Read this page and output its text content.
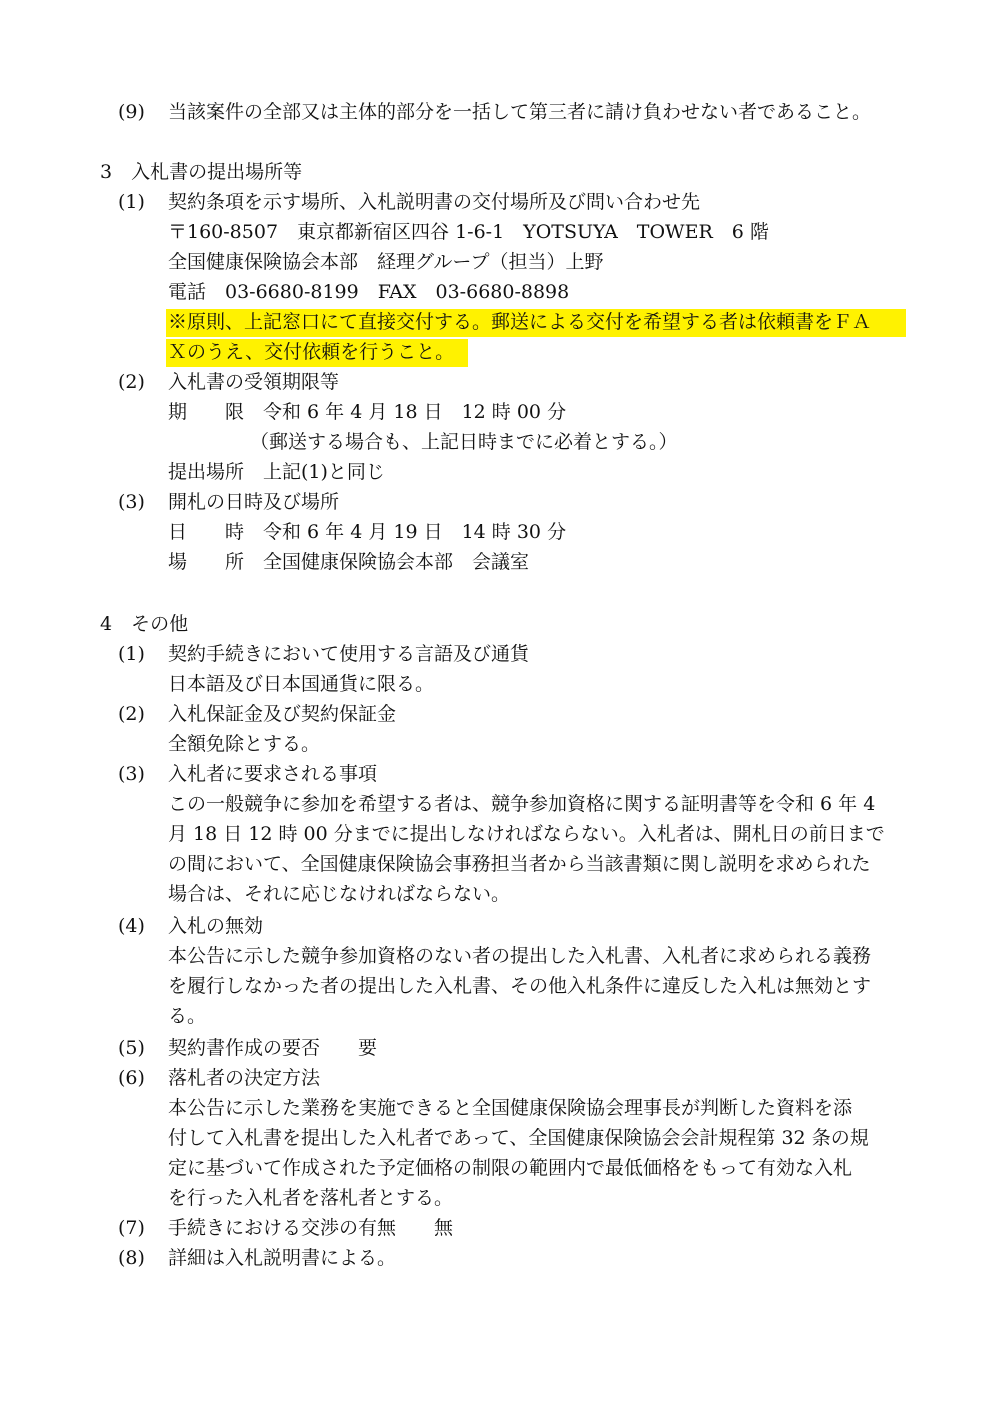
(9) 当該案件の全部又は主体的部分を一括して第三者に請け負わせない者であること。
3　入札書の提出場所等
(1) 契約条項を示す場所、入札説明書の交付場所及び問い合わせ先
〒160-8507　東京都新宿区四谷 1-6-1　YOTSUYA　TOWER　6 階
全国健康保険協会本部　経理グループ（担当）上野
電話　03-6680-8199　FAX　03-6680-8898
※原則、上記窓口にて直接交付する。郵送による交付を希望する者は依頼書をＦＡ
Ｘのうえ、交付依頼を行うこと。
(2) 入札書の受領期限等
期　　限　令和 6 年 4 月 18 日　12 時 00 分
（郵送する場合も、上記日時までに必着とする。）
提出場所　上記(1)と同じ
(3) 開札の日時及び場所
日　　時　令和 6 年 4 月 19 日　14 時 30 分
場　　所　全国健康保険協会本部　会議室
4　その他
(1) 契約手続きにおいて使用する言語及び通貨
日本語及び日本国通貨に限る。
(2) 入札保証金及び契約保証金
全額免除とする。
(3) 入札者に要求される事項
この一般競争に参加を希望する者は、競争参加資格に関する証明書等を令和 6 年 4
月 18 日 12 時 00 分までに提出しなければならない。入札者は、開札日の前日まで
の間において、全国健康保険協会事務担当者から当該書類に関し説明を求められた
場合は、それに応じなければならない。
(4) 入札の無効
本公告に示した競争参加資格のない者の提出した入札書、入札者に求められる義務
を履行しなかった者の提出した入札書、その他入札条件に違反した入札は無効とす
る。
(5) 契約書作成の要否　　要
(6) 落札者の決定方法
本公告に示した業務を実施できると全国健康保険協会理事長が判断した資料を添
付して入札書を提出した入札者であって、全国健康保険協会会計規程第 32 条の規
定に基づいて作成された予定価格の制限の範囲内で最低価格をもって有効な入札
を行った入札者を落札者とする。
(7) 手続きにおける交渉の有無　　無
(8) 詳細は入札説明書による。
